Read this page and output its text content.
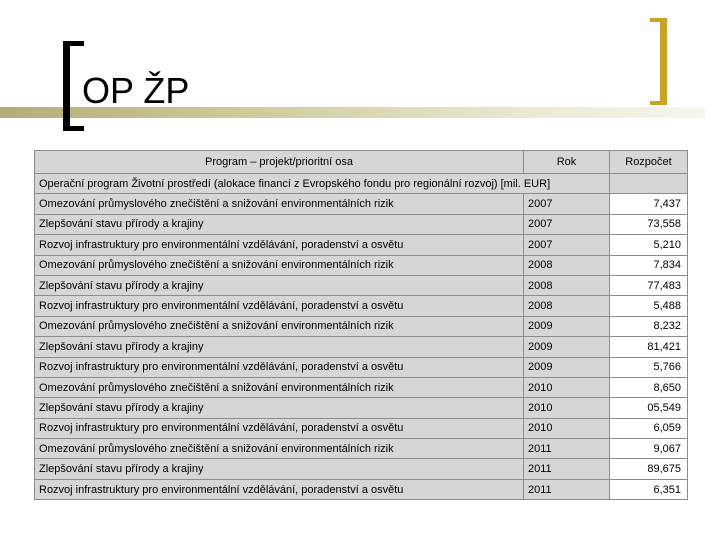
OP ŽP
Program – projekt/prioritní osa	Rok	Rozpočet
Operační program Životní prostředí (alokace financí z Evropského fondu pro regionální rozvoj) [mil. EUR]		
Omezování průmyslového znečištění a snižování environmentálních rizik	2007	7,437
Zlepšování stavu přírody a krajiny	2007	73,558
Rozvoj infrastruktury pro environmentální vzdělávání, poradenství a osvětu	2007	5,210
Omezování průmyslového znečištění a snižování environmentálních rizik	2008	7,834
Zlepšování stavu přírody a krajiny	2008	77,483
Rozvoj infrastruktury pro environmentální vzdělávání, poradenství a osvětu	2008	5,488
Omezování průmyslového znečištění a snižování environmentálních rizik	2009	8,232
Zlepšování stavu přírody a krajiny	2009	81,421
Rozvoj infrastruktury pro environmentální vzdělávání, poradenství a osvětu	2009	5,766
Omezování průmyslového znečištění a snižování environmentálních rizik	2010	8,650
Zlepšování stavu přírody a krajiny	2010	05,549
Rozvoj infrastruktury pro environmentální vzdělávání, poradenství a osvětu	2010	6,059
Omezování průmyslového znečištění a snižování environmentálních rizik	2011	9,067
Zlepšování stavu přírody a krajiny	2011	89,675
Rozvoj infrastruktury pro environmentální vzdělávání, poradenství a osvětu	2011	6,351
